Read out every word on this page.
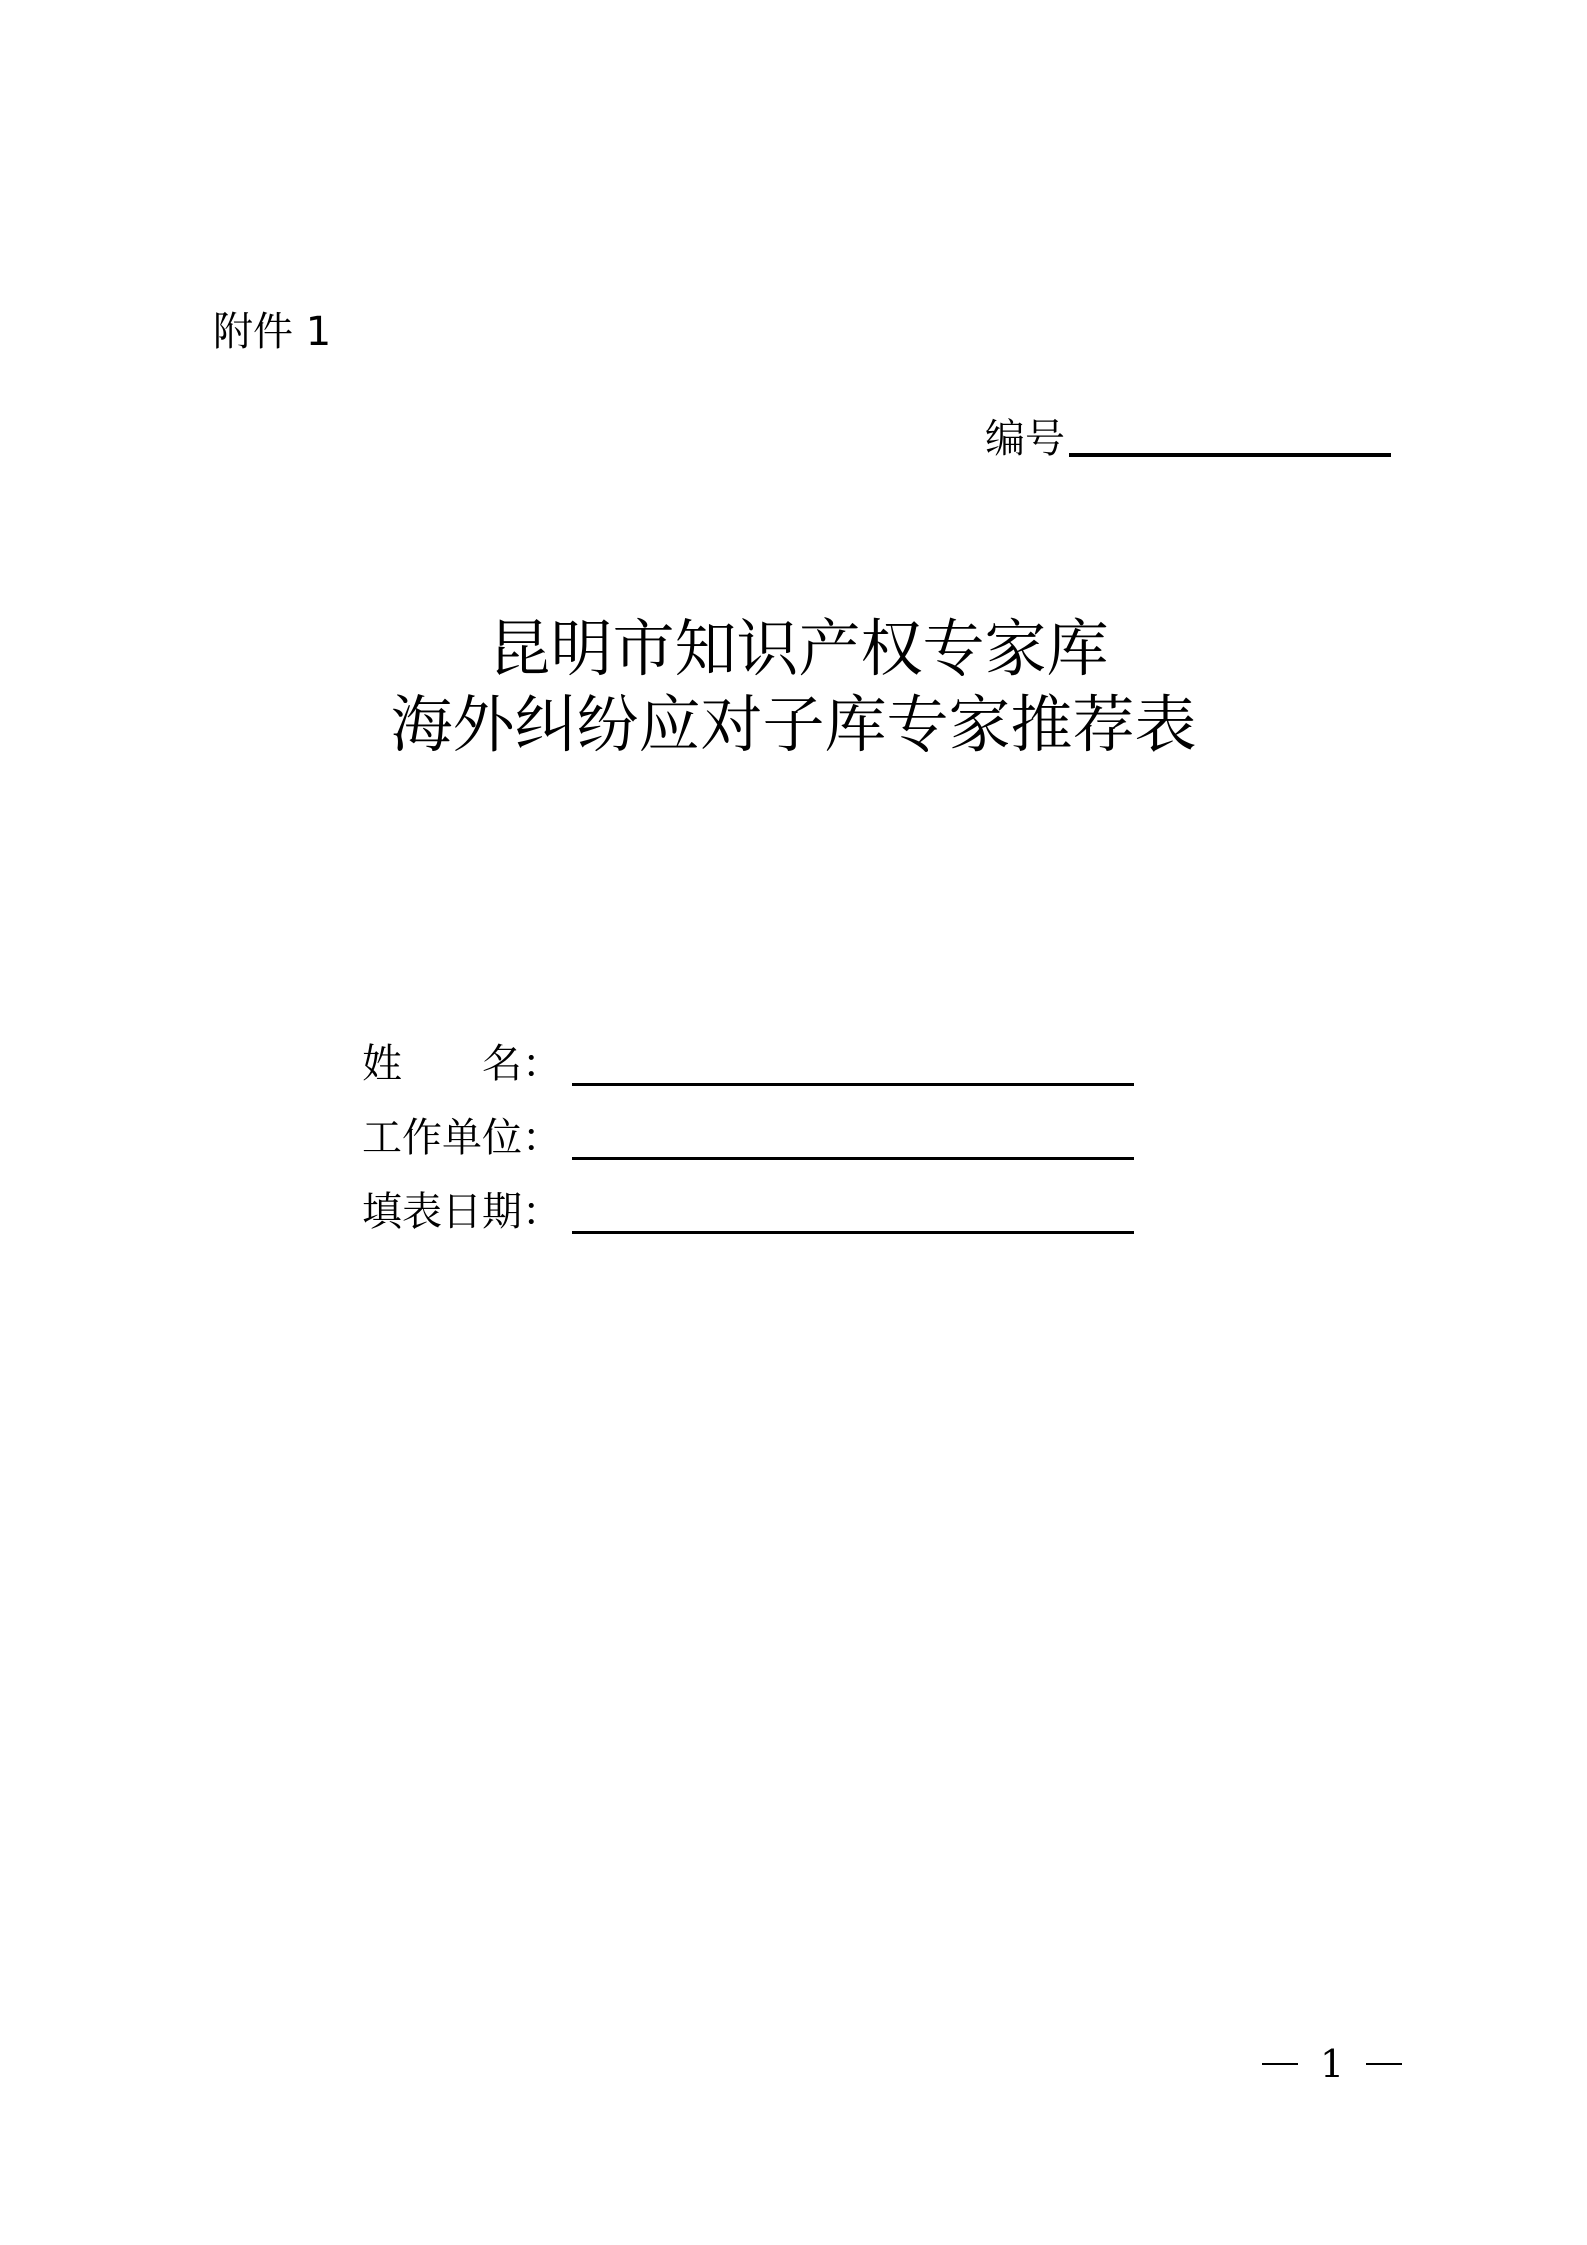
附件 1
编号
昆明市知识产权专家库
海外纠纷应对子库专家推荐表
姓　　名：
工作单位：
填表日期：
1
